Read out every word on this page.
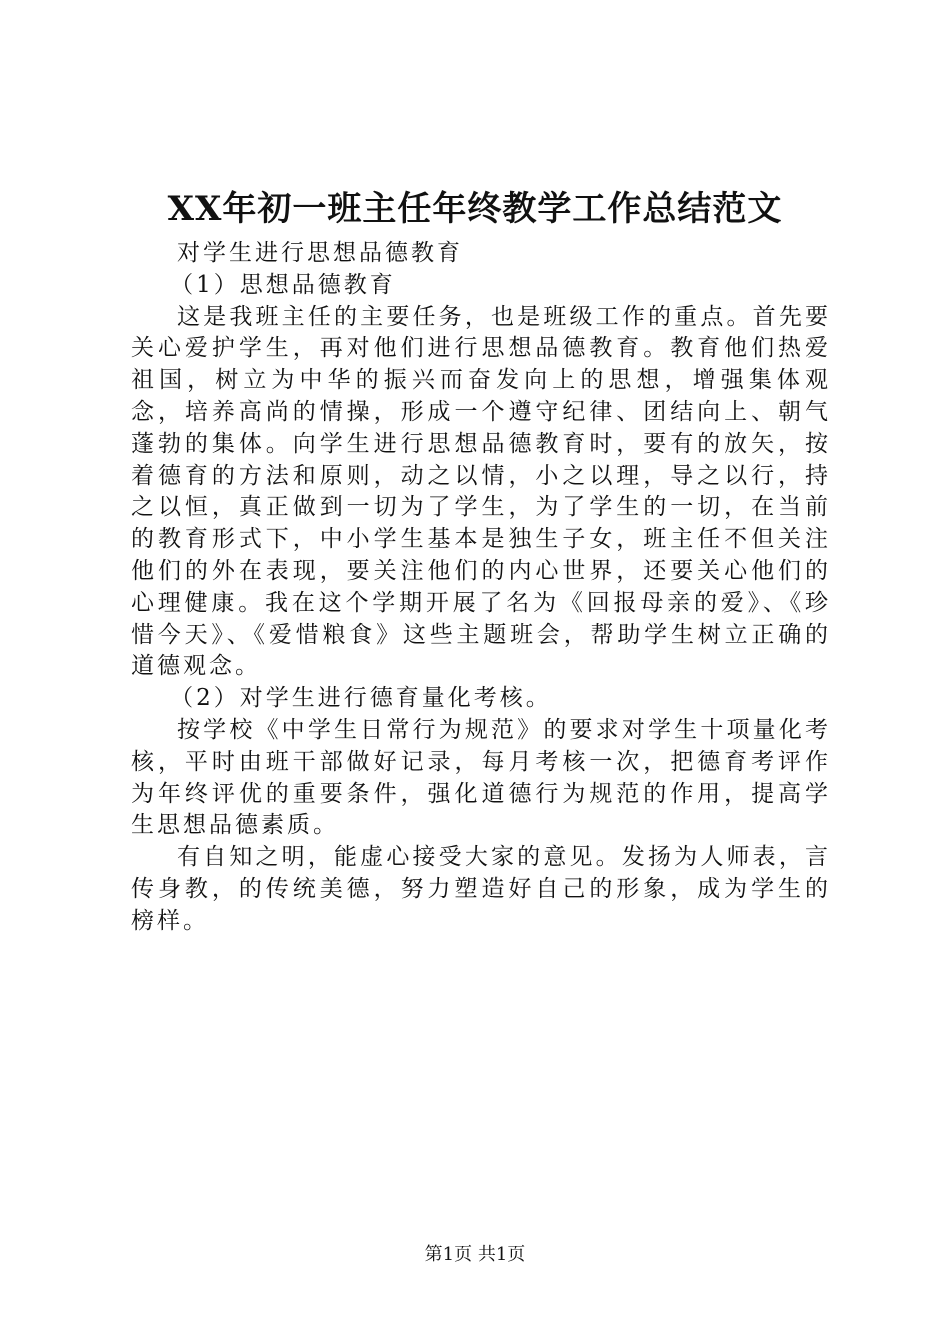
XX年初一班主任年终教学工作总结范文

对学生进行思想品德教育

（1）思想品德教育

这是我班主任的主要任务，也是班级工作的重点。首先要关心爱护学生，再对他们进行思想品德教育。教育他们热爱祖国，树立为中华的振兴而奋发向上的思想，增强集体观念，培养高尚的情操，形成一个遵守纪律、团结向上、朝气蓬勃的集体。向学生进行思想品德教育时，要有的放矢，按着德育的方法和原则，动之以情，小之以理，导之以行，持之以恒，真正做到一切为了学生，为了学生的一切，在当前的教育形式下，中小学生基本是独生子女，班主任不但关注他们的外在表现，要关注他们的内心世界，还要关心他们的心理健康。我在这个学期开展了名为《回报母亲的爱》、《珍惜今天》、《爱惜粮食》这些主题班会，帮助学生树立正确的道德观念。

（2）对学生进行德育量化考核。

按学校《中学生日常行为规范》的要求对学生十项量化考核，平时由班干部做好记录，每月考核一次，把德育考评作为年终评优的重要条件，强化道德行为规范的作用，提高学生思想品德素质。

有自知之明，能虚心接受大家的意见。发扬为人师表，言传身教，的传统美德，努力塑造好自己的形象，成为学生的榜样。

第1页 共1页
